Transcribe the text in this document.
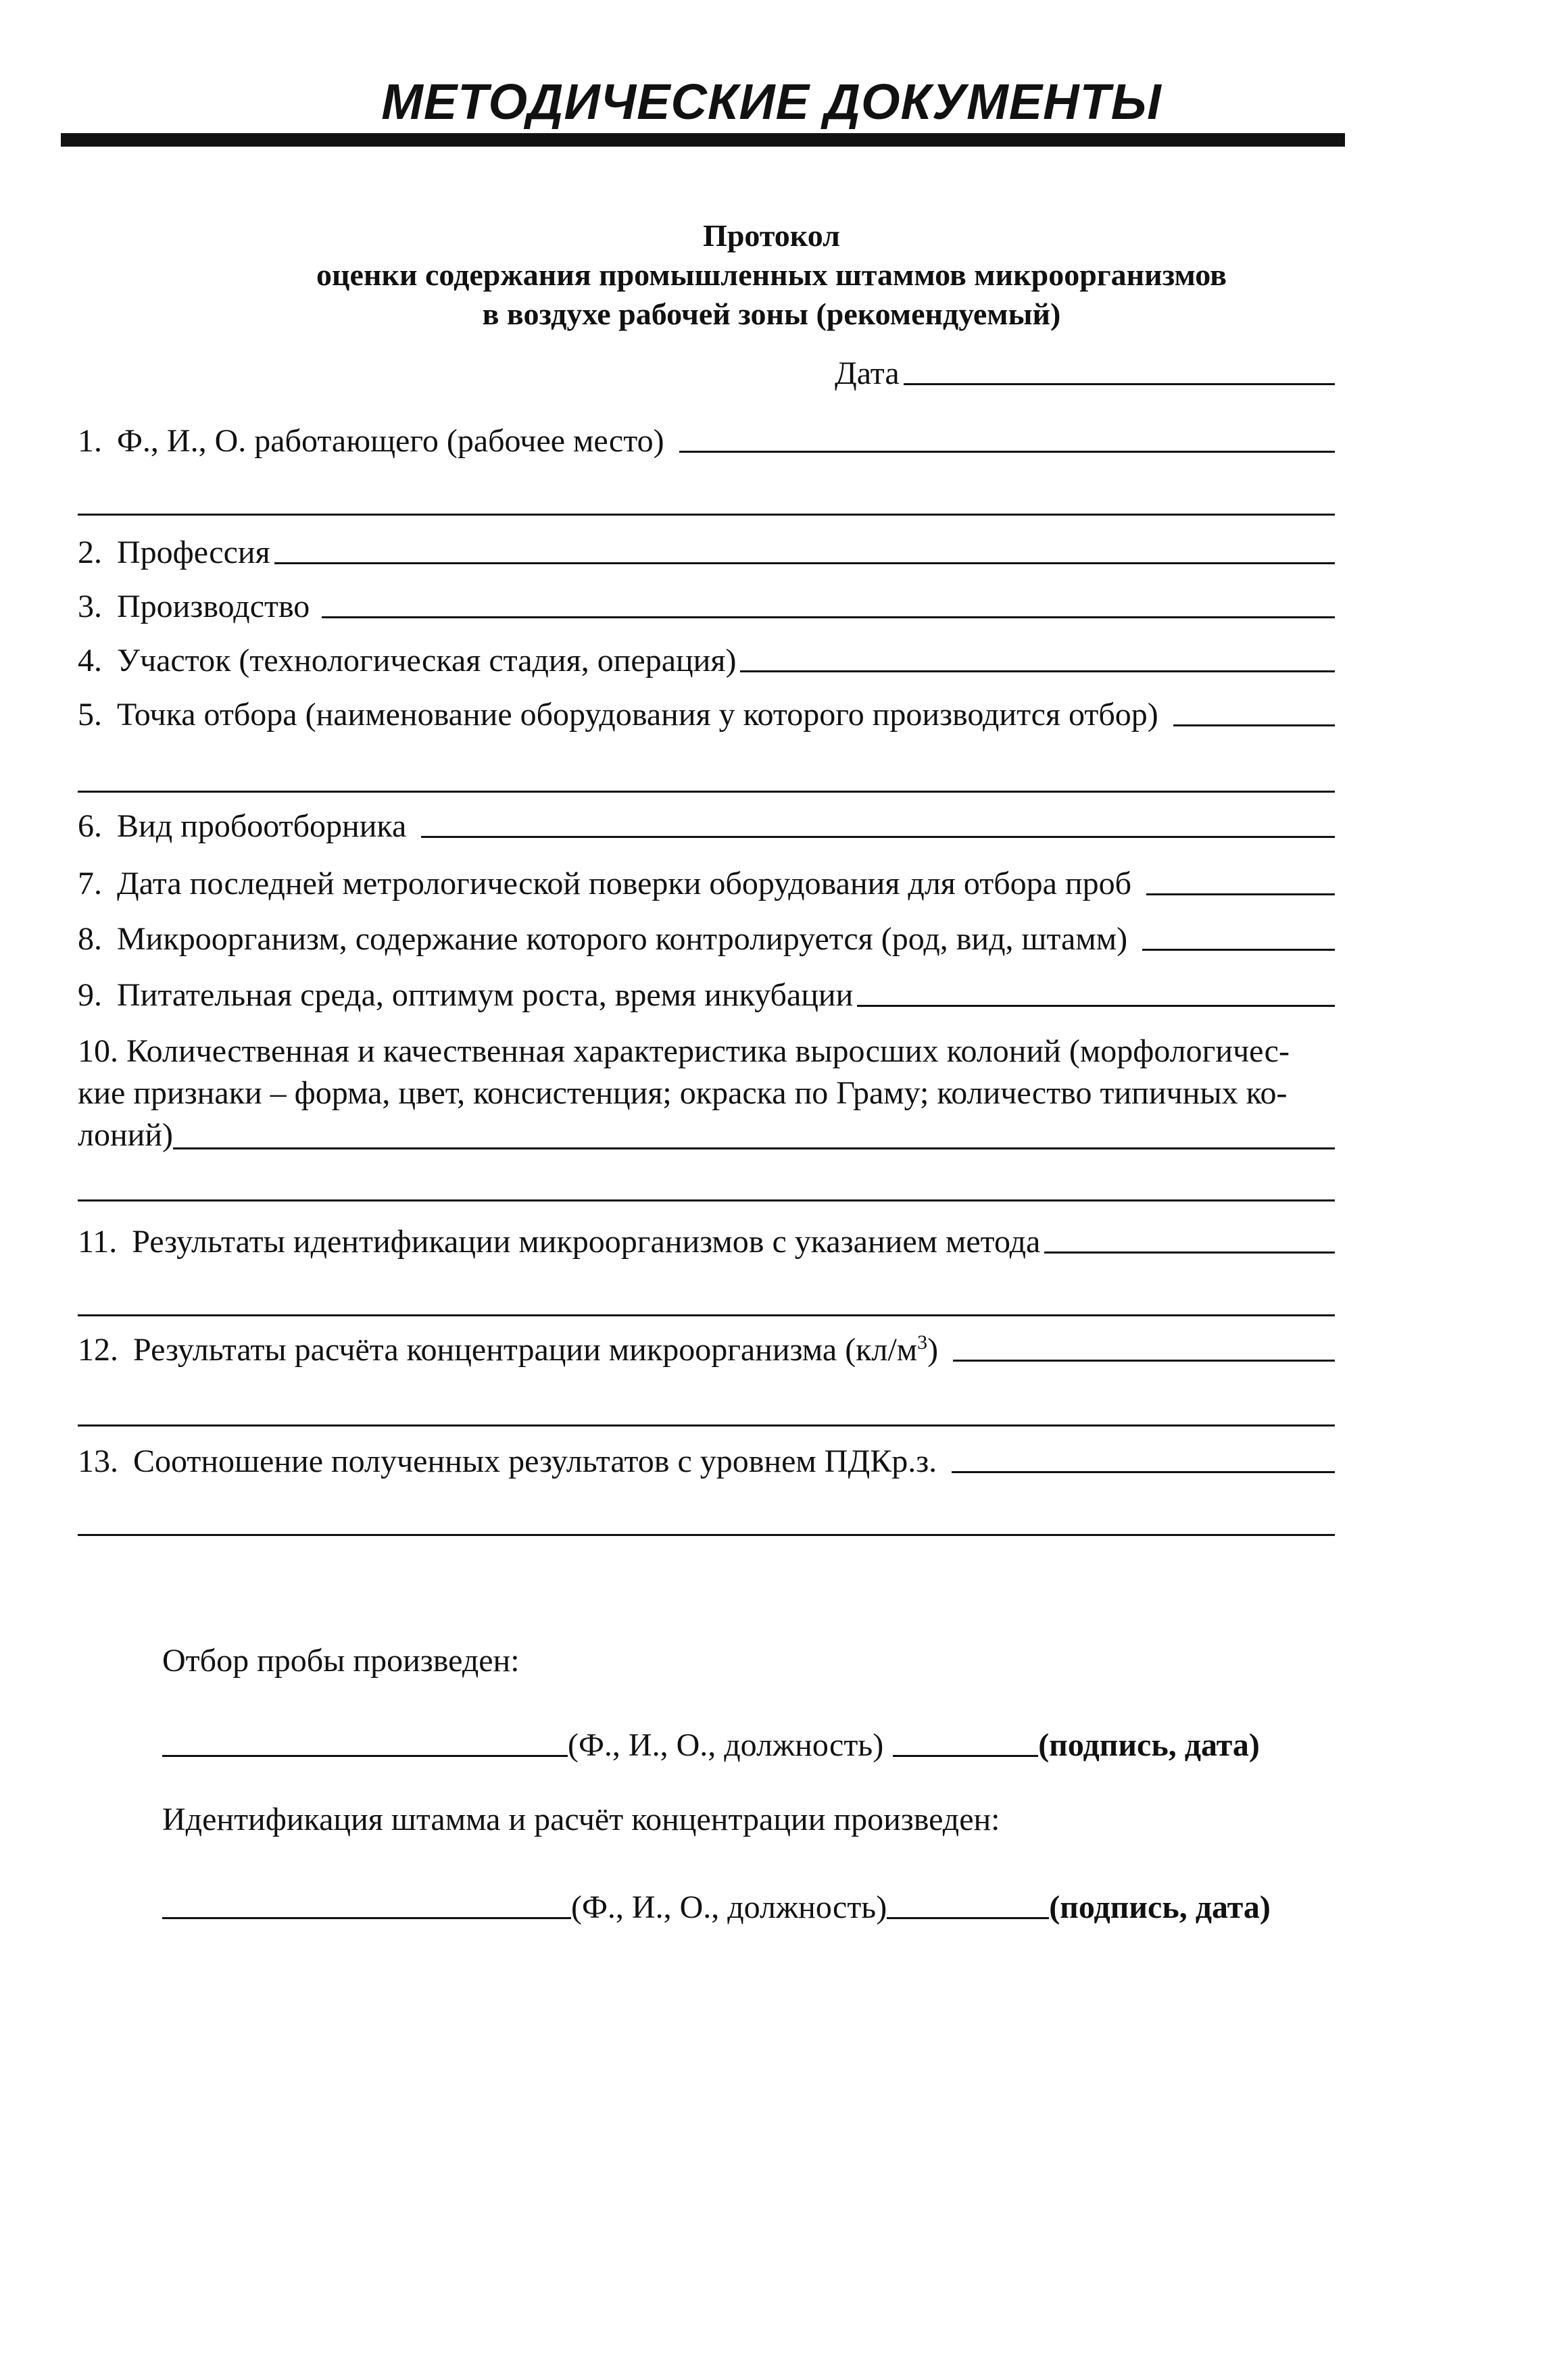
МЕТОДИЧЕСКИЕ ДОКУМЕНТЫ
Протокол
оценки содержания промышленных штаммов микроорганизмов
в воздухе рабочей зоны (рекомендуемый)
Дата
1. Ф., И., О. работающего (рабочее место)
2. Профессия
3. Производство
4. Участок (технологическая стадия, операция)
5. Точка отбора (наименование оборудования у которого производится отбор)
6. Вид пробоотборника
7. Дата последней метрологической поверки оборудования для отбора проб
8. Микроорганизм, содержание которого контролируется (род, вид, штамм)
9. Питательная среда, оптимум роста, время инкубации
10. Количественная и качественная характеристика выросших колоний (морфологичес-
кие признаки – форма, цвет, консистенция; окраска по Граму; количество типичных ко-
лоний)
11. Результаты идентификации микроорганизмов с указанием метода
12. Результаты расчёта концентрации микроорганизма $(кл/м^3)$
13. Соотношение полученных результатов с уровнем ПДКр.з.
Отбор пробы произведен:
(Ф., И., О., должность)	(подпись, дата)
Идентификация штамма и расчёт концентрации произведен:
(Ф., И., О., должность)	(подпись, дата)
